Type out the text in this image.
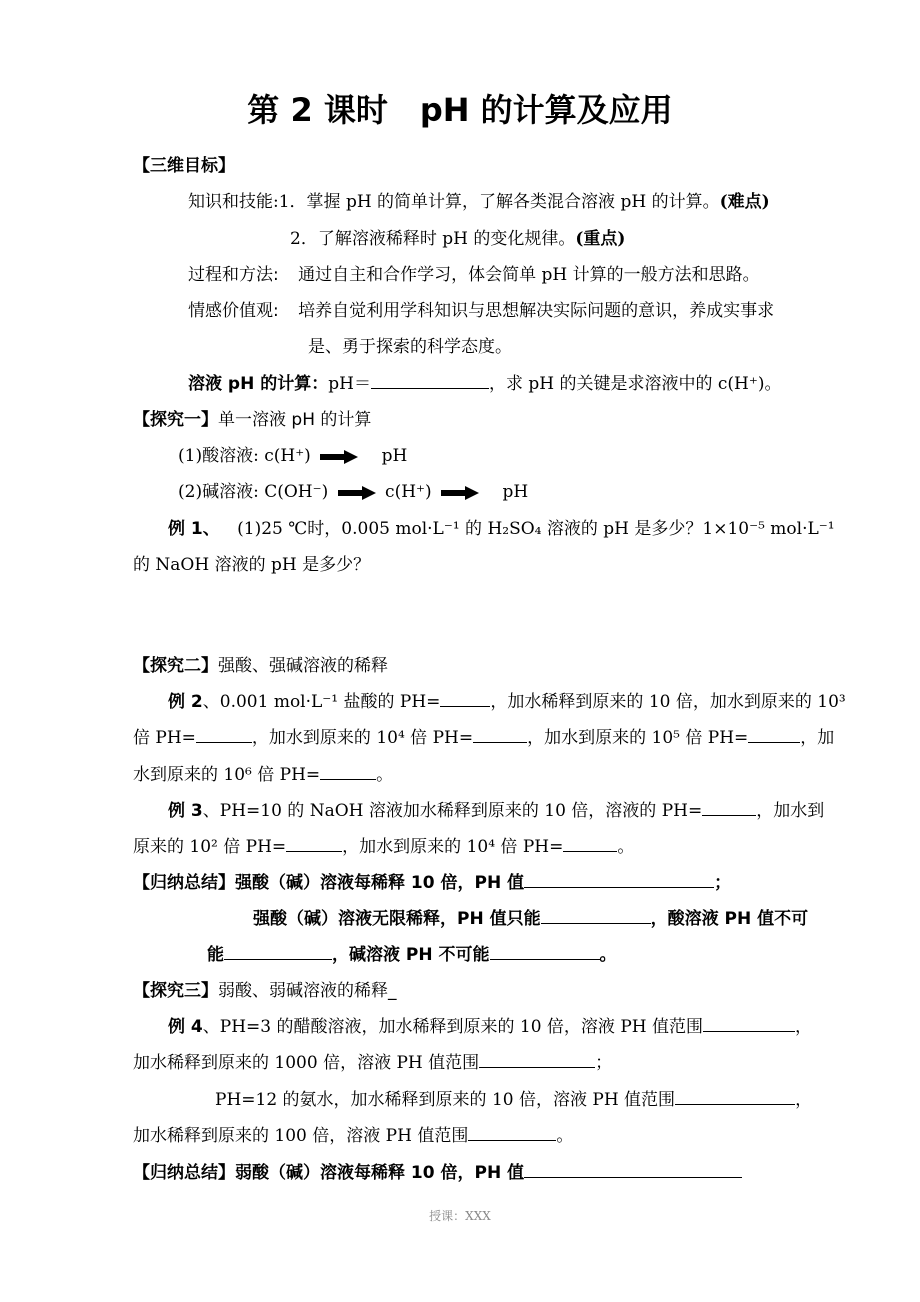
第 2 课时　pH 的计算及应用
【三维目标】
知识和技能:1．掌握 pH 的简单计算，了解各类混合溶液 pH 的计算。(难点)
2．了解溶液稀释时 pH 的变化规律。(重点)
过程和方法: 通过自主和合作学习，体会简单 pH 计算的一般方法和思路。
情感价值观: 培养自觉利用学科知识与思想解决实际问题的意识，养成实事求
是、勇于探索的科学态度。
溶液 pH 的计算：pH＝	，求 pH 的关键是求溶液中的 c(H⁺)。
【探究一】单一溶液 pH 的计算
(1)酸溶液: c(H⁺)	pH
(2)碱溶液: C(OH⁻)	c(H⁺)	pH
例 1、 (1)25 ℃时，0.005 mol·L⁻¹ 的 H₂SO₄ 溶液的 pH 是多少？1×10⁻⁵ mol·L⁻¹
的 NaOH 溶液的 pH 是多少？
【探究二】强酸、强碱溶液的稀释
例 2、0.001 mol·L⁻¹ 盐酸的 PH=	，加水稀释到原来的 10 倍，加水到原来的 10³
倍 PH=	，加水到原来的 10⁴ 倍 PH=	，加水到原来的 10⁵ 倍 PH=	，加
水到原来的 10⁶ 倍 PH=	。
例 3、PH=10 的 NaOH 溶液加水稀释到原来的 10 倍，溶液的 PH=	，加水到
原来的 10² 倍 PH=	，加水到原来的 10⁴ 倍 PH=	。
【归纳总结】强酸（碱）溶液每稀释 10 倍，PH 值	；
强酸（碱）溶液无限稀释，PH 值只能	，酸溶液 PH 值不可
能	，碱溶液 PH 不可能	。
【探究三】弱酸、弱碱溶液的稀释_
例 4、PH=3 的醋酸溶液，加水稀释到原来的 10 倍，溶液 PH 值范围	，
加水稀释到原来的 1000 倍，溶液 PH 值范围	；
PH=12 的氨水，加水稀释到原来的 10 倍，溶液 PH 值范围	，
加水稀释到原来的 100 倍，溶液 PH 值范围	。
【归纳总结】弱酸（碱）溶液每稀释 10 倍，PH 值
授课：XXX
